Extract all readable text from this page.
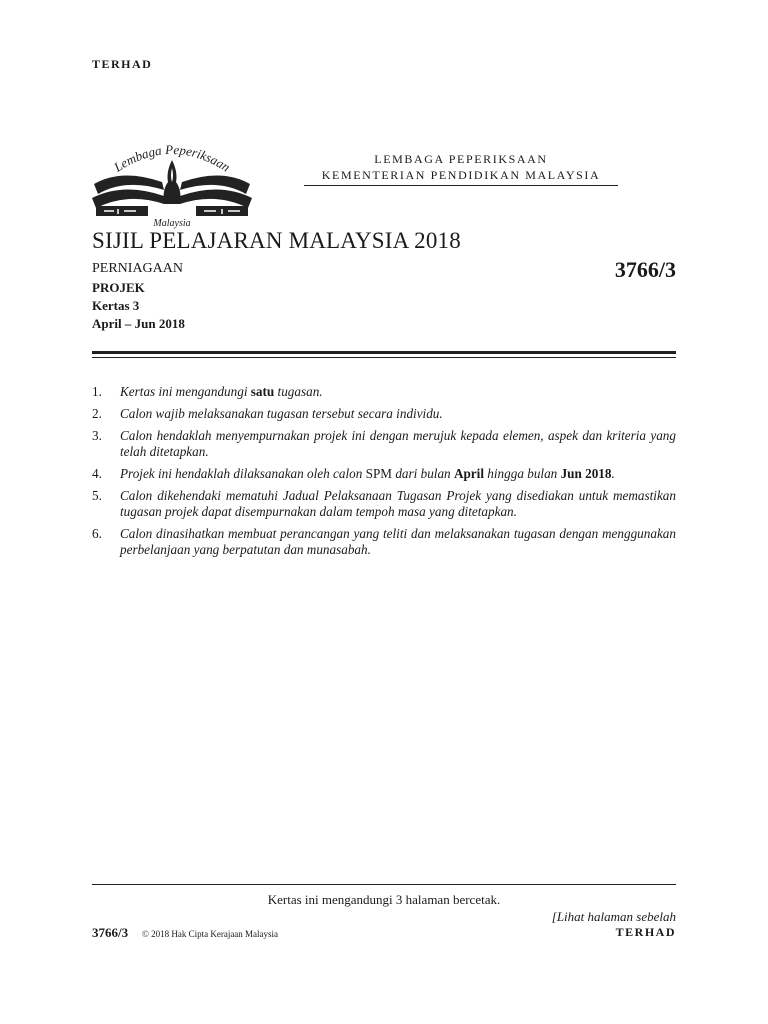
TERHAD
Lembaga Peperiksaan
Malaysia
LEMBAGA PEPERIKSAAN
KEMENTERIAN PENDIDIKAN MALAYSIA
SIJIL PELAJARAN MALAYSIA 2018
PERNIAGAAN	3766/3
PROJEK
Kertas 3
April – Jun 2018
1.	Kertas ini mengandungi satu tugasan.
2.	Calon wajib melaksanakan tugasan tersebut secara individu.
3.	Calon hendaklah menyempurnakan projek ini dengan merujuk kepada elemen, aspek dan kriteria yang telah ditetapkan.
4.	Projek ini hendaklah dilaksanakan oleh calon SPM dari bulan April hingga bulan Jun 2018.
5.	Calon dikehendaki mematuhi Jadual Pelaksanaan Tugasan Projek yang disediakan untuk memastikan tugasan projek dapat disempurnakan dalam tempoh masa yang ditetapkan.
6.	Calon dinasihatkan membuat perancangan yang teliti dan melaksanakan tugasan dengan menggunakan perbelanjaan yang berpatutan dan munasabah.
Kertas ini mengandungi 3 halaman bercetak.
[Lihat halaman sebelah
3766/3 © 2018 Hak Cipta Kerajaan Malaysia	TERHAD
